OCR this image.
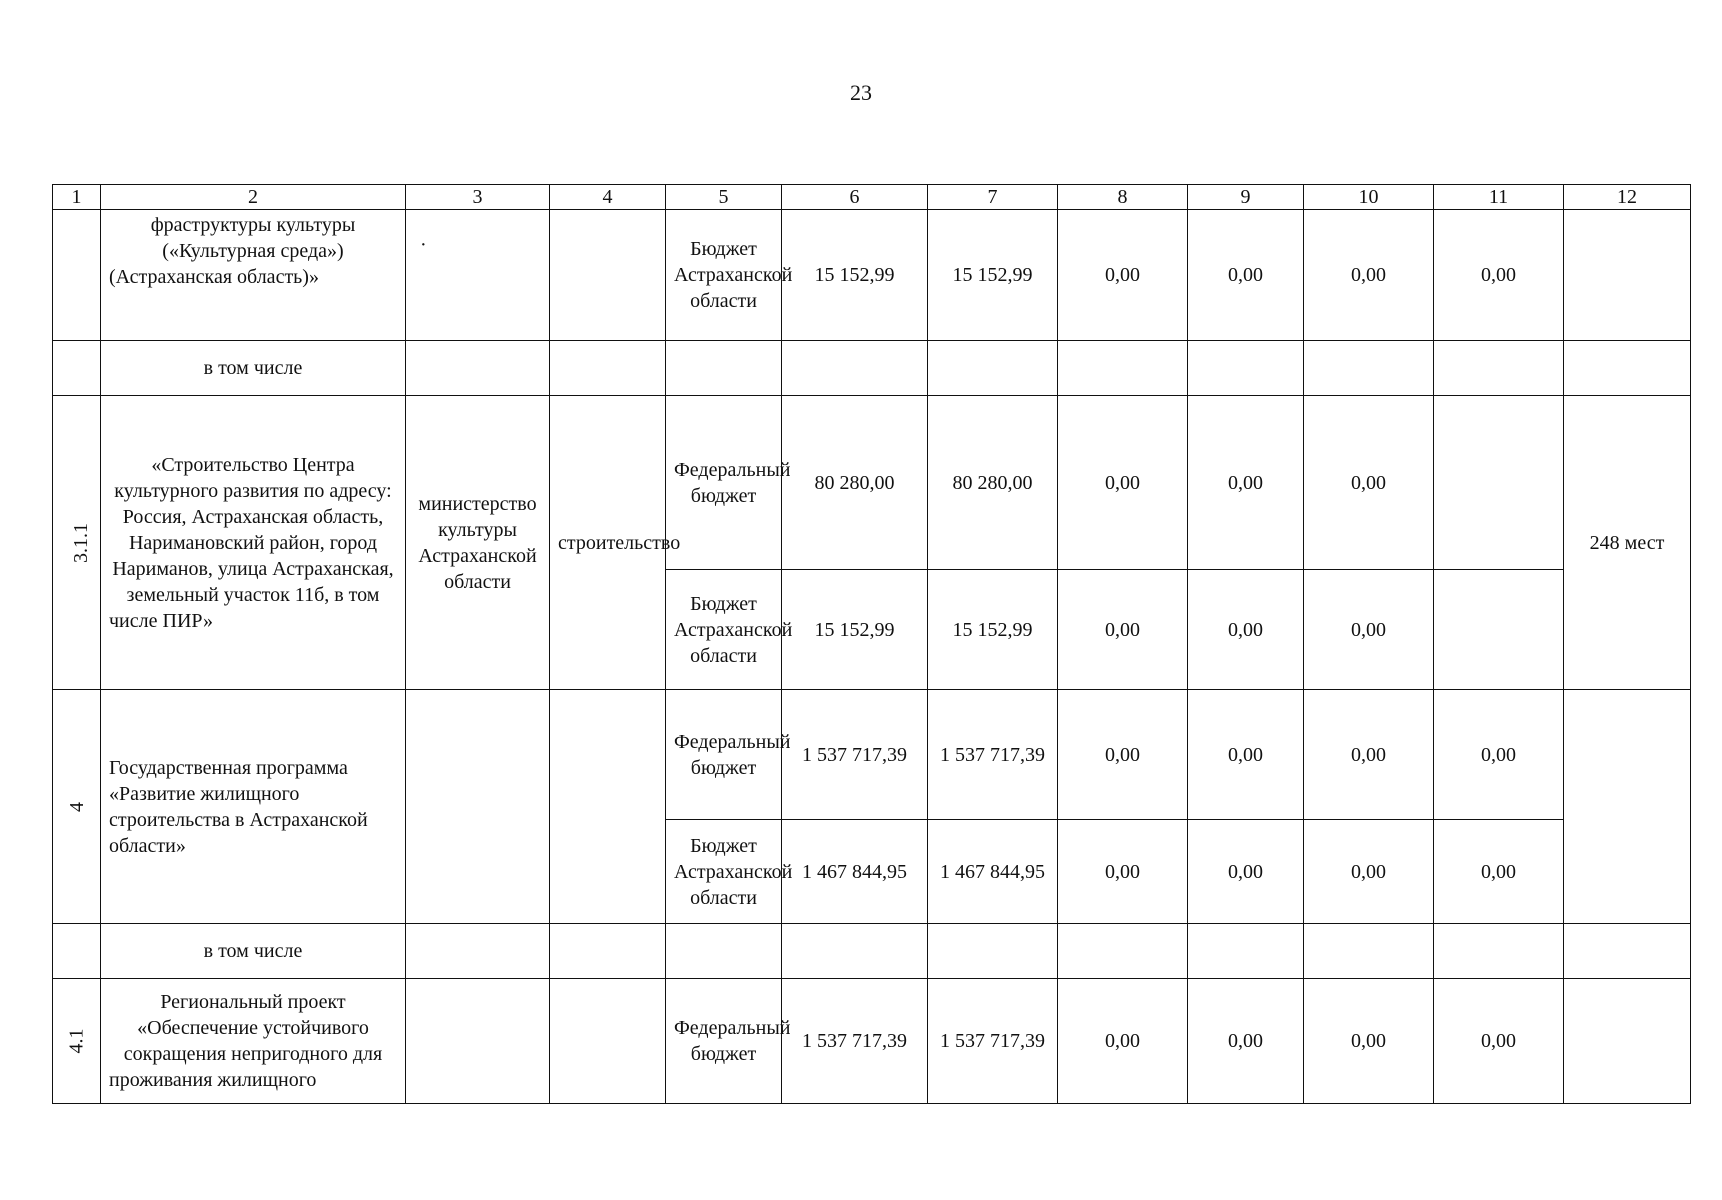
23
1	2	3	4	5	6	7	8	9	10	11	12
	фраструктуры культуры («Культурная среда») (Астраханская область)»	·		Бюджет Астраханской области	15 152,99	15 152,99	0,00	0,00	0,00	0,00	
	в том числе										
3.1.1	«Строительство Центра культурного развития по адресу: Россия, Астраханская область, Наримановский район, город Нариманов, улица Астраханская, земельный участок 11б, в том числе ПИР»	министерство культуры Астраханской области	строительство	Федеральный бюджет	80 280,00	80 280,00	0,00	0,00	0,00		248 мест
				Бюджет Астраханской области	15 152,99	15 152,99	0,00	0,00	0,00		
4	Государственная программа «Развитие жилищного строительства в Астраханской области»			Федеральный бюджет	1 537 717,39	1 537 717,39	0,00	0,00	0,00	0,00	
				Бюджет Астраханской области	1 467 844,95	1 467 844,95	0,00	0,00	0,00	0,00	
	в том числе										
4.1	Региональный проект «Обеспечение устойчивого сокращения непригодного для проживания жилищного			Федеральный бюджет	1 537 717,39	1 537 717,39	0,00	0,00	0,00	0,00	
